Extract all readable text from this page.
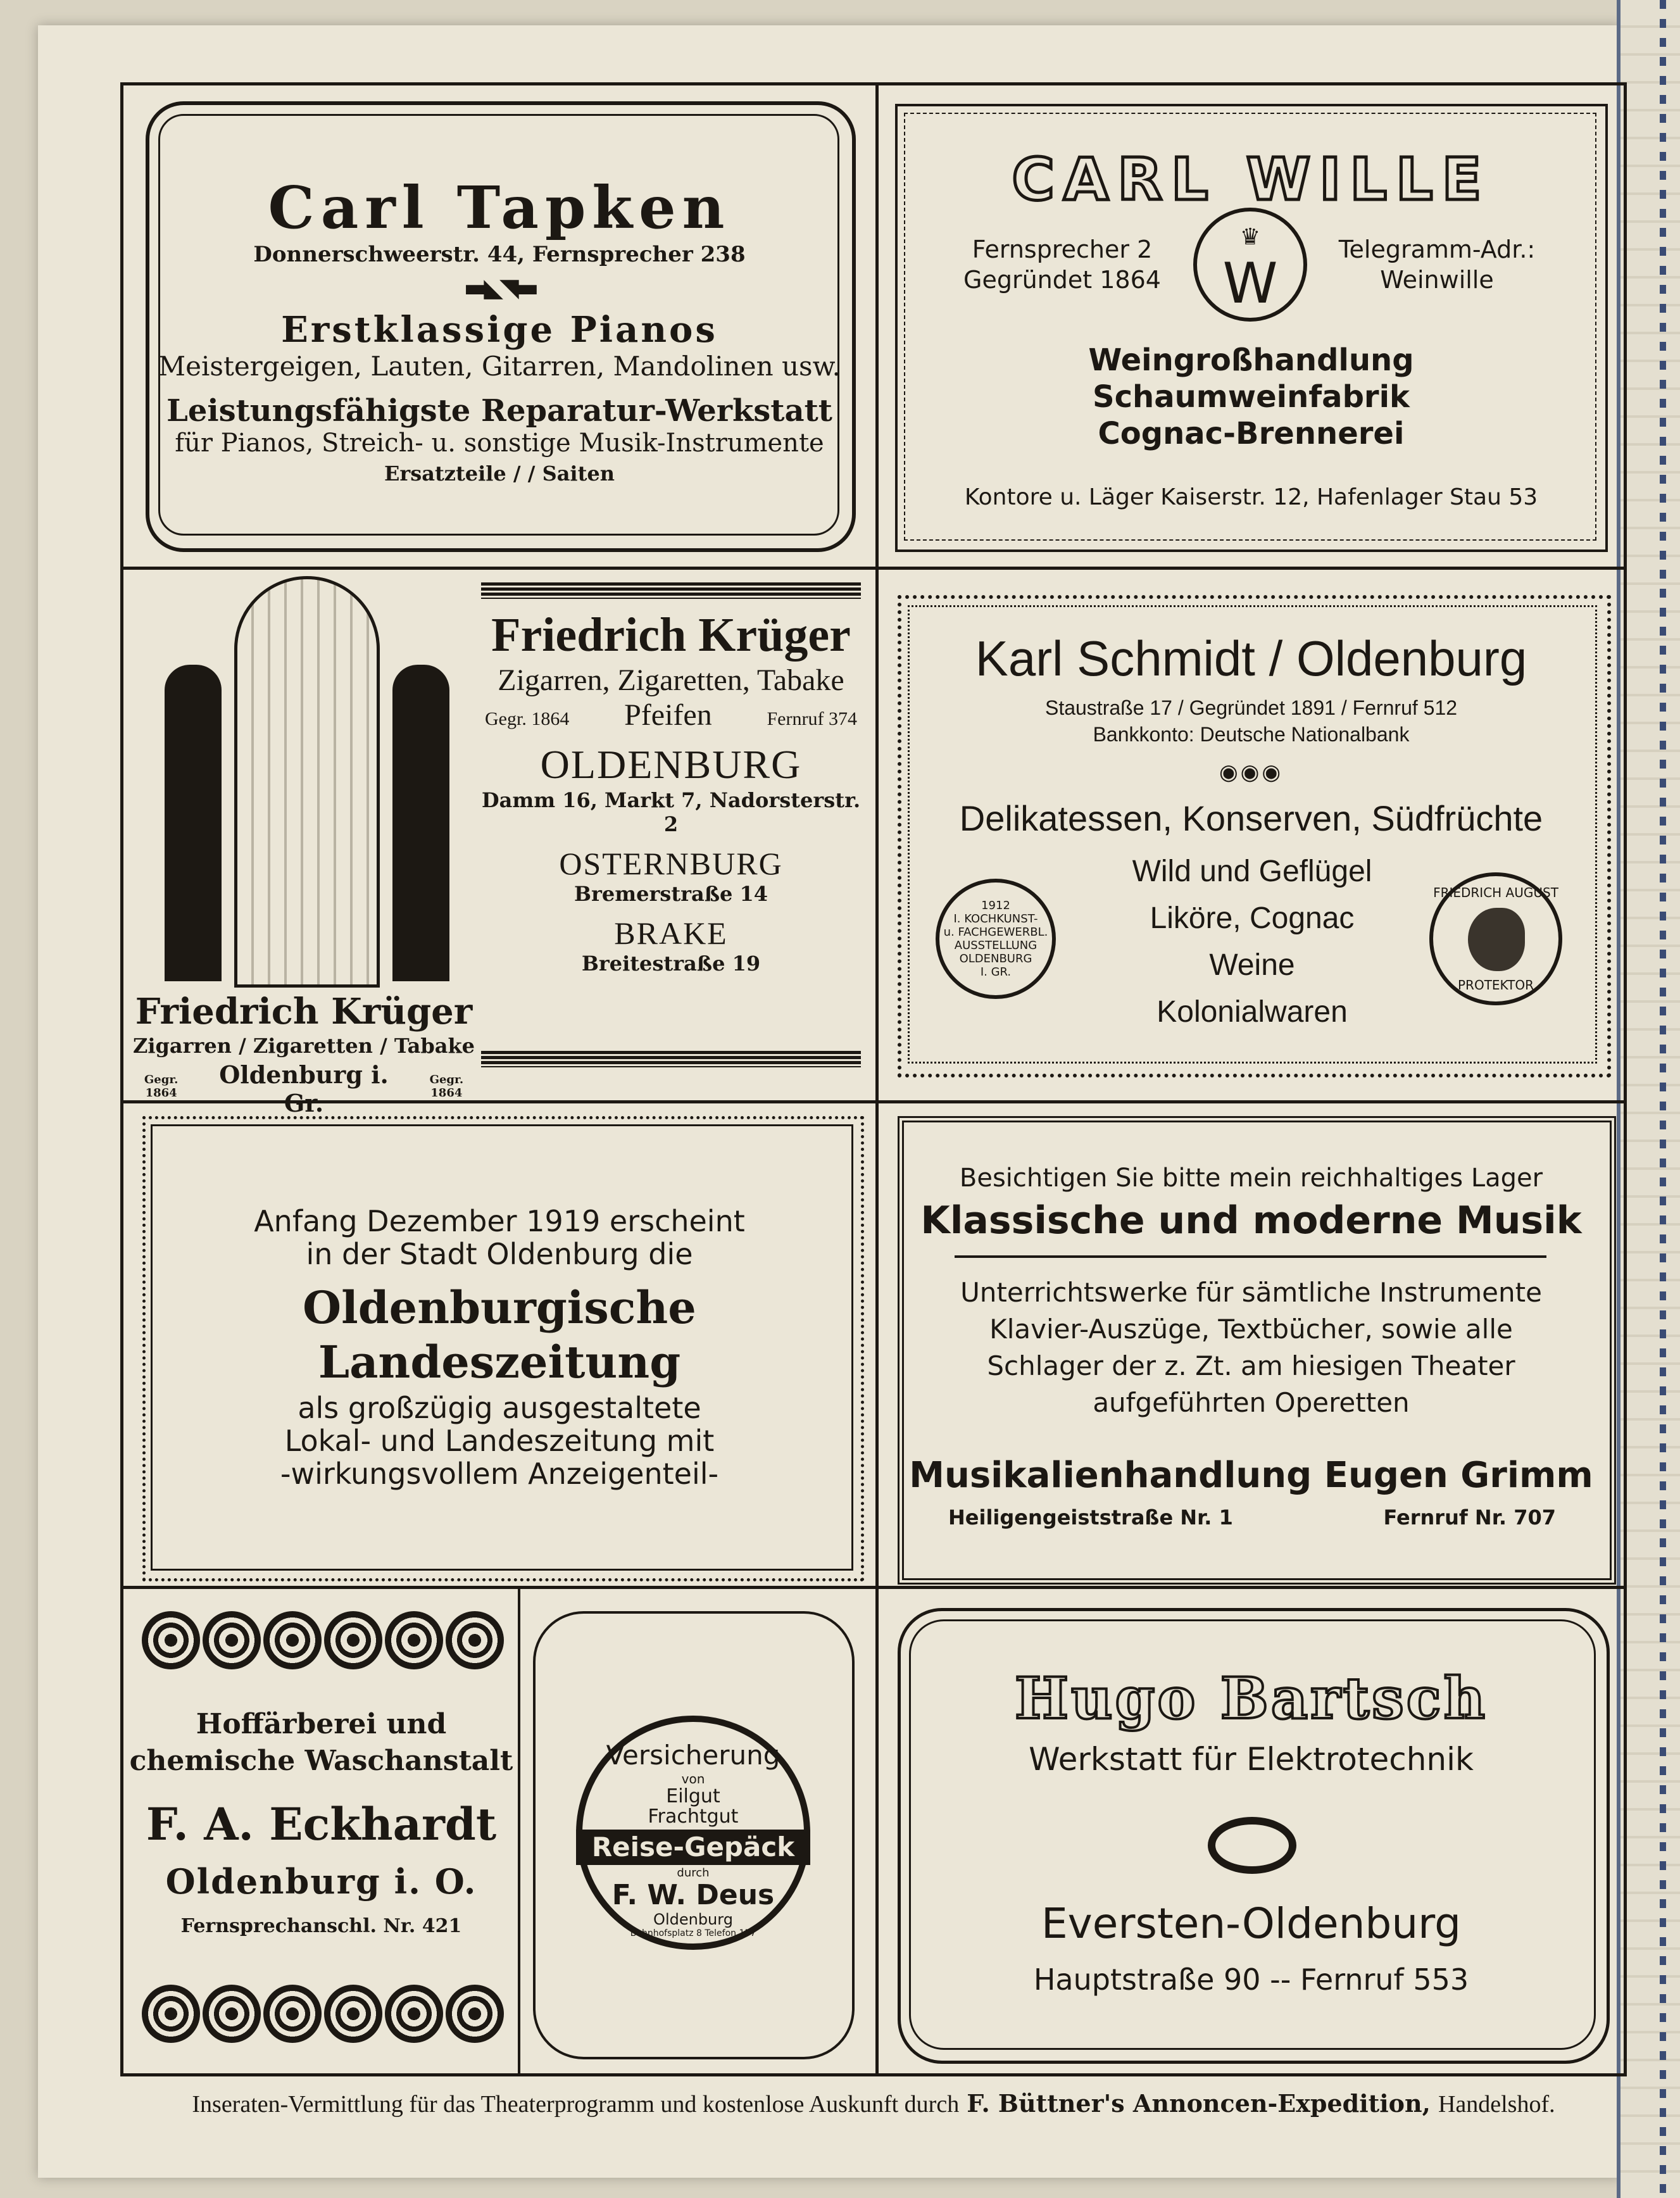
Carl Tapken
Donnerschweerstr. 44, Fernsprecher 238
▬◣◥▬
Erstklassige Pianos
Meistergeigen, Lauten, Gitarren, Mandolinen usw.
Leistungsfähigste Reparatur-Werkstatt
für Pianos, Streich- u. sonstige Musik-Instrumente
Ersatzteile / / Saiten
CARL WILLE
Fernsprecher 2
Gegründet 1864
♛
W
Telegramm-Adr.:
Weinwille
Weingroßhandlung
Schaumweinfabrik
Cognac-Brennerei
Kontore u. Läger Kaiserstr. 12, Hafenlager Stau 53
Friedrich Krüger
Zigarren / Zigaretten / Tabake
Gegr. 1864
Oldenburg i. Gr.
Gegr. 1864
Friedrich Krüger
Zigarren, Zigaretten, Tabake
Gegr. 1864 Pfeifen	Fernruf 374
OLDENBURG
Damm 16, Markt 7, Nadorsterstr. 2
OSTERNBURG
Bremerstraße 14
BRAKE
Breitestraße 19
Karl Schmidt / Oldenburg
Staustraße 17 / Gegründet 1891 / Fernruf 512
Bankkonto: Deutsche Nationalbank
◉◉◉
Delikatessen, Konserven, Südfrüchte
Wild und Geflügel
Liköre, Cognac
Weine
Kolonialwaren
1912
I. KOCHKUNST-
u. FACHGEWERBL.
AUSSTELLUNG
OLDENBURG
I. GR.
FRIEDRICH AUGUST
PROTEKTOR
Anfang Dezember 1919 erscheint
in der Stadt Oldenburg die
Oldenburgische
Landeszeitung
als großzügig ausgestaltete
Lokal- und Landeszeitung mit
-wirkungsvollem Anzeigenteil-
Besichtigen Sie bitte mein reichhaltiges Lager
Klassische und moderne Musik
Unterrichtswerke für sämtliche Instrumente
Klavier-Auszüge, Textbücher, sowie alle
Schlager der z. Zt. am hiesigen Theater
aufgeführten Operetten
Musikalienhandlung Eugen Grimm
Heiligengeiststraße Nr. 1	Fernruf Nr. 707
Hoffärberei und
chemische Waschanstalt
F. A. Eckhardt
Oldenburg i. O.
Fernsprechanschl. Nr. 421
Versicherung
von
Eilgut
Frachtgut
Reise-Gepäck
durch
F. W. Deus
Oldenburg
Bahnhofsplatz 8 Telefon 157
Hugo Bartsch
Werkstatt für Elektrotechnik
Eversten-Oldenburg
Hauptstraße 90 -- Fernruf 553
Inseraten-Vermittlung für das Theaterprogramm und kostenlose Auskunft durch F. Büttner's Annoncen-Expedition, Handelshof.
